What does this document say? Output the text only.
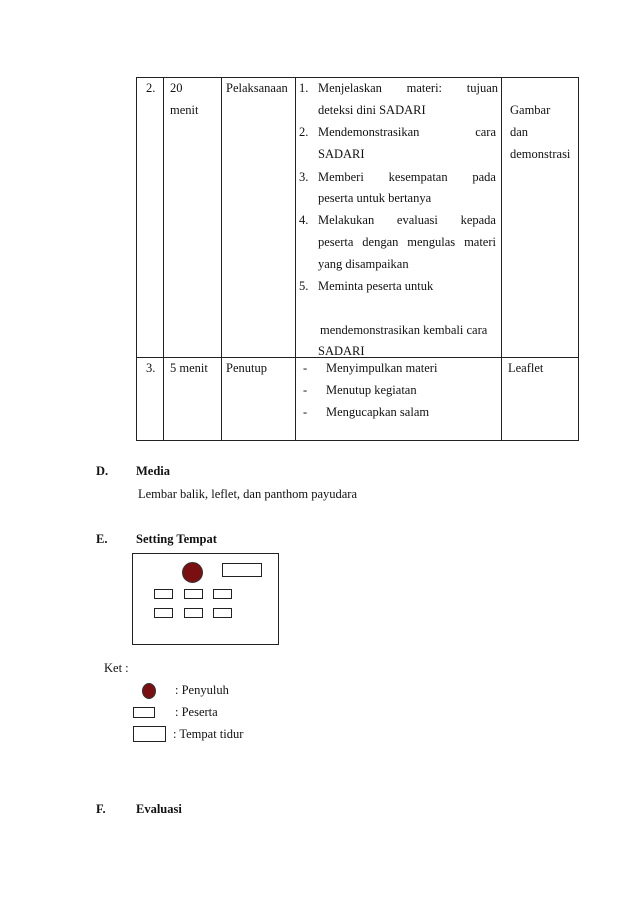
2. 20
menit
Pelaksanaan 1. Menjelaskan materi: tujuan
deteksi dini SADARI
2. Mendemonstrasikan	cara
SADARI
3. Memberi kesempatan pada
peserta untuk bertanya
4. Melakukan evaluasi kepada
peserta dengan mengulas materi
yang disampaikan
5. Meminta peserta untuk
mendemonstrasikan kembali cara
SADARI
Gambar
dan
demonstrasi
3. 5 menit Penutup	- Menyimpulkan materi
- Menutup kegiatan
- Mengucapkan salam
Leaflet
D. Media
Lembar balik, leflet, dan panthom payudara
E. Setting Tempat
Ket :
: Penyuluh
: Peserta
: Tempat tidur
F. Evaluasi
